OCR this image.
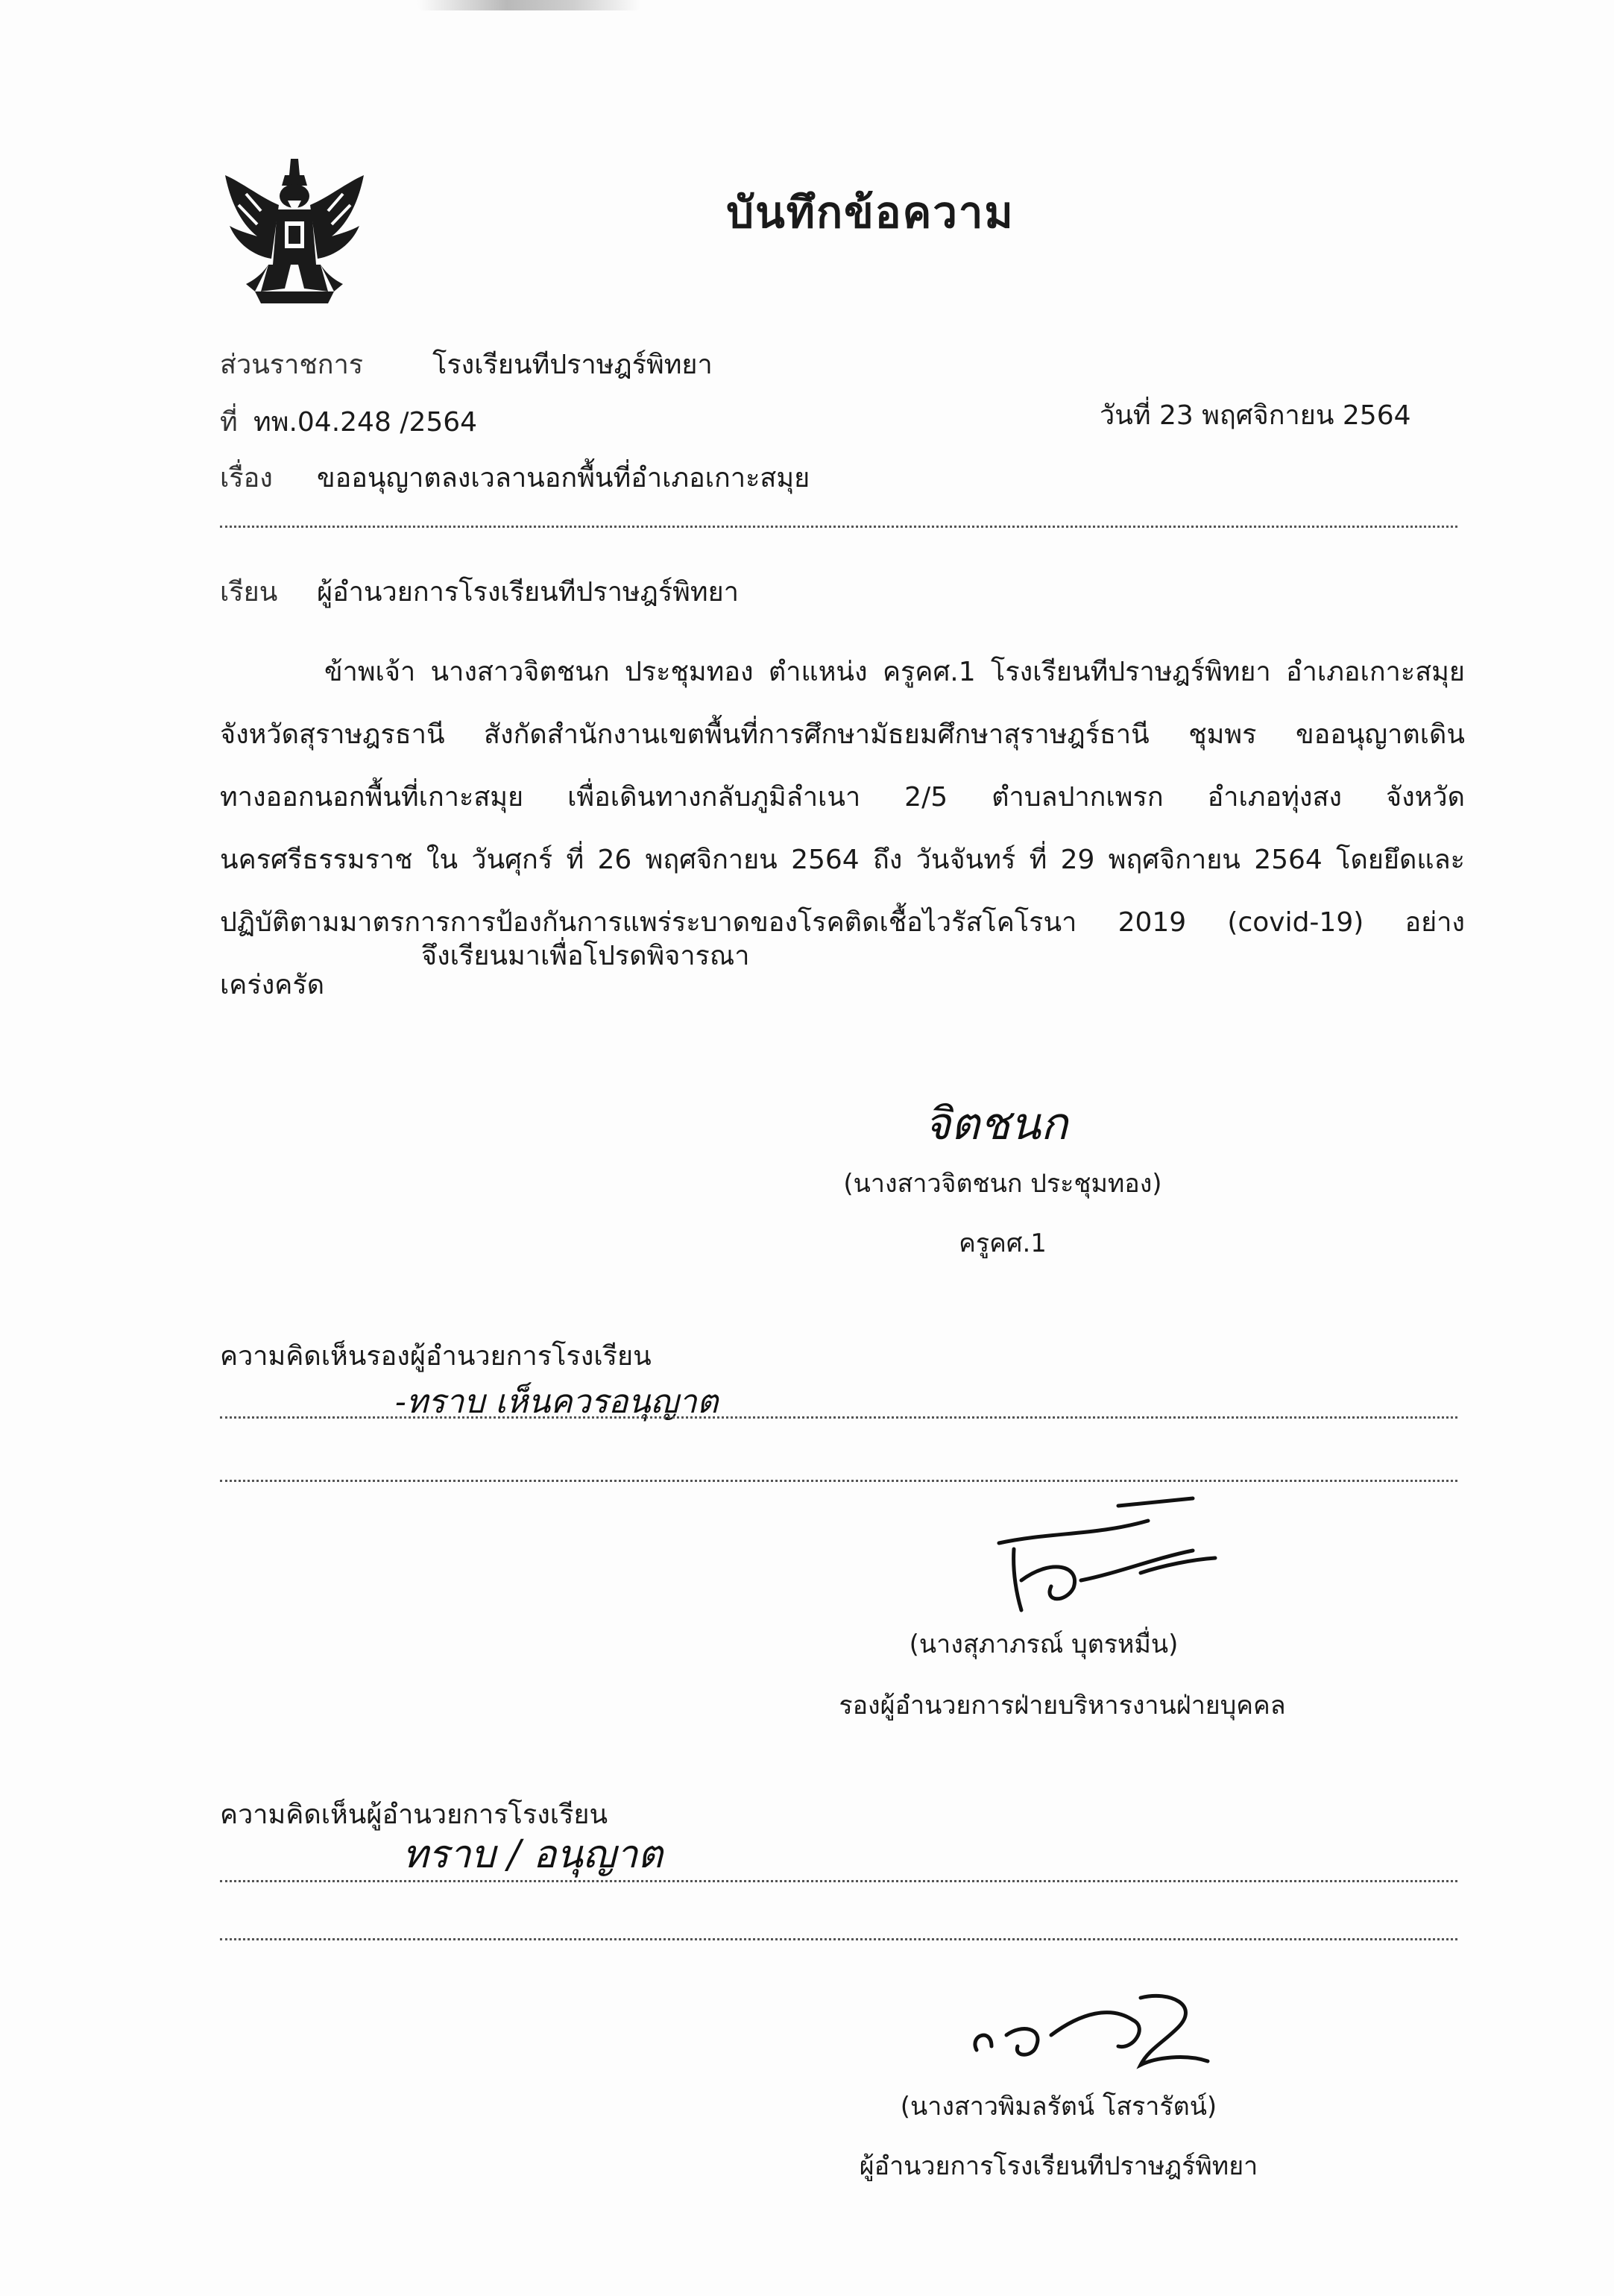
บันทึกข้อความ
ส่วนราชการ	โรงเรียนทีปราษฎร์พิทยา
ที่ ทพ.04.248 /2564	วันที่ 23 พฤศจิกายน 2564
เรื่อง ขออนุญาตลงเวลานอกพื้นที่อำเภอเกาะสมุย
เรียน ผู้อำนวยการโรงเรียนทีปราษฎร์พิทยา
ข้าพเจ้า นางสาวจิตชนก ประชุมทอง ตำแหน่ง ครูคศ.1 โรงเรียนทีปราษฎร์พิทยา อำเภอเกาะสมุย จังหวัดสุราษฎรธานี สังกัดสำนักงานเขตพื้นที่การศึกษามัธยมศึกษาสุราษฎร์ธานี ชุมพร ขออนุญาตเดินทางออกนอกพื้นที่เกาะสมุย เพื่อเดินทางกลับภูมิลำเนา 2/5 ตำบลปากเพรก อำเภอทุ่งสง จังหวัดนครศรีธรรมราช ใน วันศุกร์ ที่ 26 พฤศจิกายน 2564 ถึง วันจันทร์ ที่ 29 พฤศจิกายน 2564 โดยยึดและปฏิบัติตามมาตรการการป้องกันการแพร่ระบาดของโรคติดเชื้อไวรัสโคโรนา 2019 (covid-19) อย่างเคร่งครัด
จึงเรียนมาเพื่อโปรดพิจารณา
จิตชนก
(นางสาวจิตชนก ประชุมทอง)
ครูคศ.1
ความคิดเห็นรองผู้อำนวยการโรงเรียน
-ทราบ เห็นควรอนุญาต
(นางสุภาภรณ์ บุตรหมื่น)
รองผู้อำนวยการฝ่ายบริหารงานฝ่ายบุคคล
ความคิดเห็นผู้อำนวยการโรงเรียน
ทราบ / อนุญาต
(นางสาวพิมลรัตน์ โสรารัตน์)
ผู้อำนวยการโรงเรียนทีปราษฎร์พิทยา
